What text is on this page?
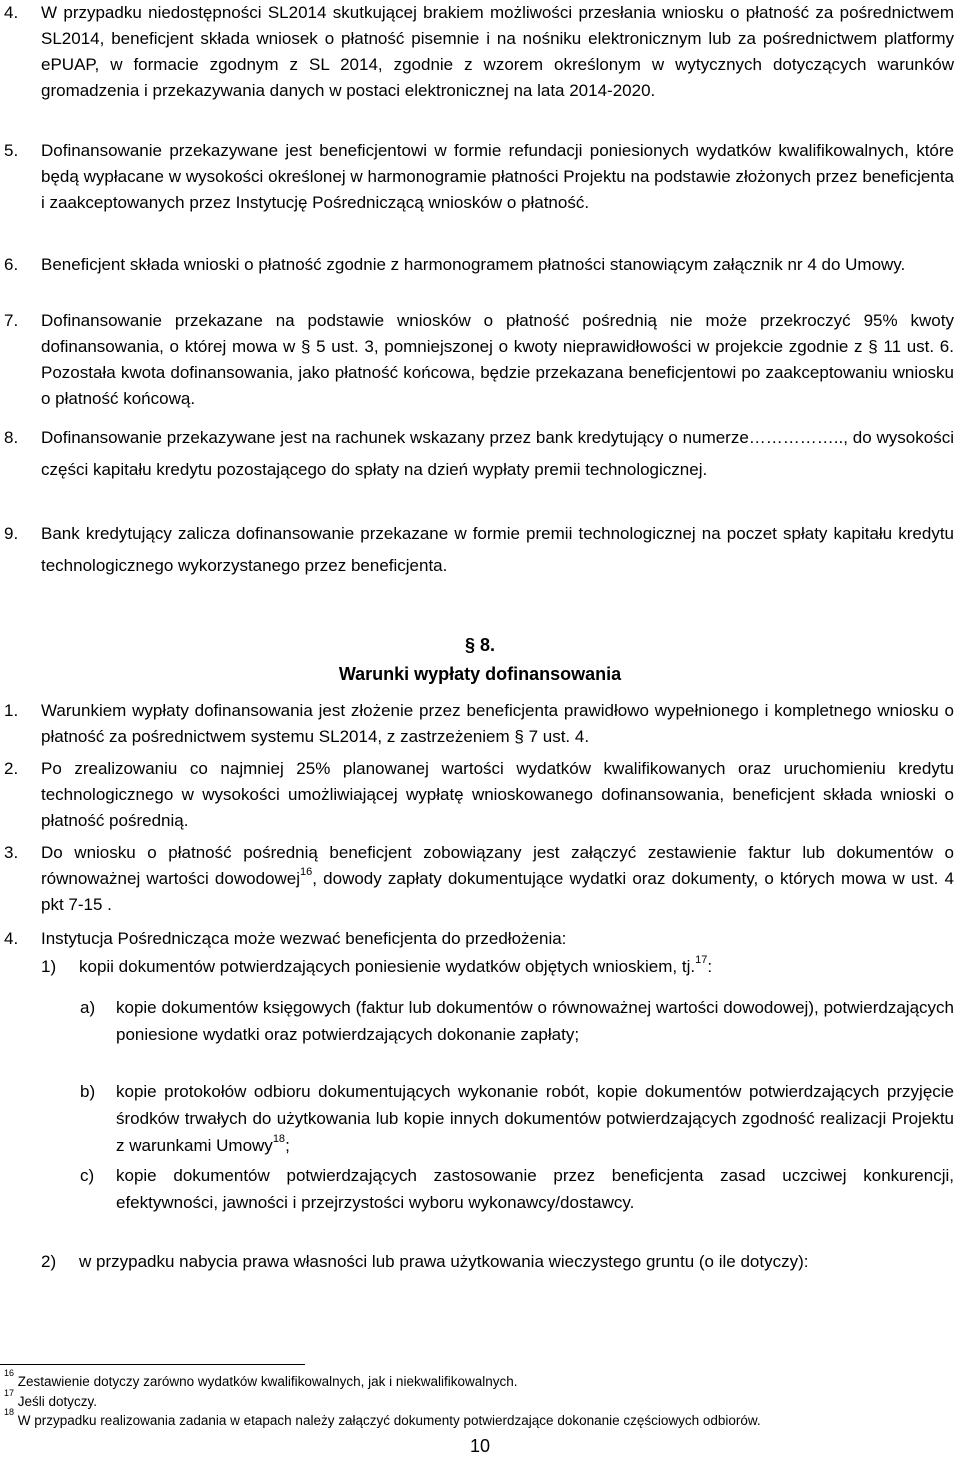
4.	W przypadku niedostępności SL2014 skutkującej brakiem możliwości przesłania wniosku o płatność za pośrednictwem SL2014, beneficjent składa wniosek o płatność pisemnie i na nośniku elektronicznym lub za pośrednictwem platformy ePUAP, w formacie zgodnym z SL 2014, zgodnie z wzorem określonym w wytycznych dotyczących warunków gromadzenia i przekazywania danych w postaci elektronicznej na lata 2014-2020.
5.	Dofinansowanie przekazywane jest beneficjentowi w formie refundacji poniesionych wydatków kwalifikowalnych, które będą wypłacane w wysokości określonej w harmonogramie płatności Projektu na podstawie złożonych przez beneficjenta i zaakceptowanych przez Instytucję Pośredniczącą wniosków o płatność.
6.	Beneficjent składa wnioski o płatność zgodnie z harmonogramem płatności stanowiącym załącznik nr 4 do Umowy.
7.	Dofinansowanie przekazane na podstawie wniosków o płatność pośrednią nie może przekroczyć 95% kwoty dofinansowania, o której mowa w § 5 ust. 3, pomniejszonej o kwoty nieprawidłowości w projekcie zgodnie z § 11 ust. 6. Pozostała kwota dofinansowania, jako płatność końcowa, będzie przekazana beneficjentowi po zaakceptowaniu wniosku o płatność końcową.
8.	Dofinansowanie przekazywane jest na rachunek wskazany przez bank kredytujący o numerze…………….., do wysokości części kapitału kredytu pozostającego do spłaty na dzień wypłaty premii technologicznej.
9.	Bank kredytujący zalicza dofinansowanie przekazane w formie premii technologicznej na poczet spłaty kapitału kredytu technologicznego wykorzystanego przez beneficjenta.
§ 8.
Warunki wypłaty dofinansowania
1.	Warunkiem wypłaty dofinansowania jest złożenie przez beneficjenta prawidłowo wypełnionego i kompletnego wniosku o płatność za pośrednictwem systemu SL2014, z zastrzeżeniem § 7 ust. 4.
2.	Po zrealizowaniu co najmniej 25% planowanej wartości wydatków kwalifikowanych oraz uruchomieniu kredytu technologicznego w wysokości umożliwiającej wypłatę wnioskowanego dofinansowania, beneficjent składa wnioski o płatność pośrednią.
3.	Do wniosku o płatność pośrednią beneficjent zobowiązany jest załączyć zestawienie faktur lub dokumentów o równoważnej wartości dowodowej$^{16}$, dowody zapłaty dokumentujące wydatki oraz dokumenty, o których mowa w ust. 4 pkt 7-15 .
4.	Instytucja Pośrednicząca może wezwać beneficjenta do przedłożenia:
1)	kopii dokumentów potwierdzających poniesienie wydatków objętych wnioskiem, tj.$^{17}$:
a)	kopie dokumentów księgowych (faktur lub dokumentów o równoważnej wartości dowodowej), potwierdzających poniesione wydatki oraz potwierdzających dokonanie zapłaty;
b)	kopie protokołów odbioru dokumentujących wykonanie robót, kopie dokumentów potwierdzających przyjęcie środków trwałych do użytkowania lub kopie innych dokumentów potwierdzających zgodność realizacji Projektu z warunkami Umowy$^{18}$;
c)	kopie dokumentów potwierdzających zastosowanie przez beneficjenta zasad uczciwej konkurencji, efektywności, jawności i przejrzystości wyboru wykonawcy/dostawcy.
2)	w przypadku nabycia prawa własności lub prawa użytkowania wieczystego gruntu (o ile dotyczy):
$^{16}$ Zestawienie dotyczy zarówno wydatków kwalifikowalnych, jak i niekwalifikowalnych.
$^{17}$ Jeśli dotyczy.
$^{18}$ W przypadku realizowania zadania w etapach należy załączyć dokumenty potwierdzające dokonanie częściowych odbiorów.
10
